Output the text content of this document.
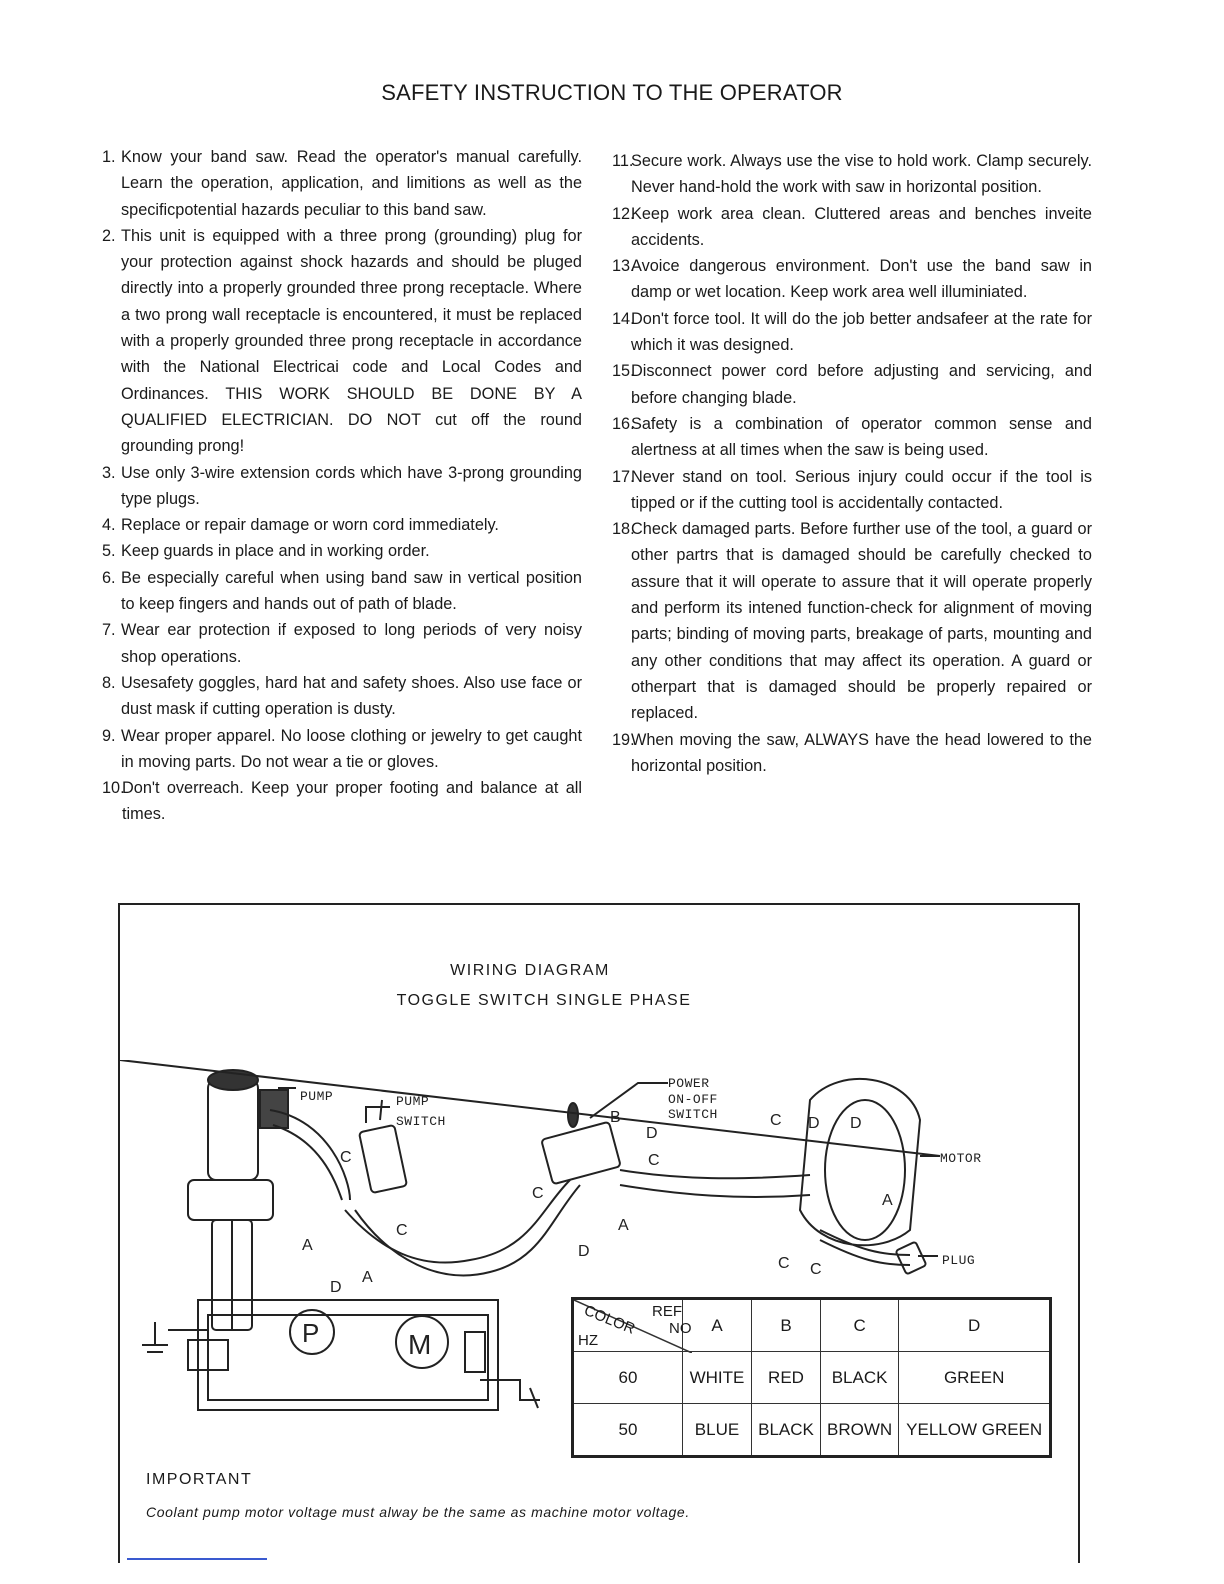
SAFETY INSTRUCTION TO THE OPERATOR
1. Know your band saw. Read the operator's manual carefully. Learn the operation, application, and limitions as well as the specificpotential hazards peculiar to this band saw.
2. This unit is equipped with a three prong (grounding) plug for your protection against shock hazards and should be pluged directly into a properly grounded three prong receptacle. Where a two prong wall receptacle is encountered, it must be replaced with a properly grounded three prong receptacle in accordance with the National Electricai code and Local Codes and Ordinances. THIS WORK SHOULD BE DONE BY A QUALIFIED ELECTRICIAN. DO NOT cut off the round grounding prong!
3. Use only 3-wire extension cords which have 3-prong grounding type plugs.
4. Replace or repair damage or worn cord immediately.
5. Keep guards in place and in working order.
6. Be especially careful when using band saw in vertical position to keep fingers and hands out of path of blade.
7. Wear ear protection if exposed to long periods of very noisy shop operations.
8. Usesafety goggles, hard hat and safety shoes. Also use face or dust mask if cutting operation is dusty.
9. Wear proper apparel. No loose clothing or jewelry to get caught in moving parts. Do not wear a tie or gloves.
10.
Don't overreach. Keep your proper footing and balance at all times.
11.
Secure work. Always use the vise to hold work. Clamp securely. Never hand-hold the work with saw in horizontal position.
12.
Keep work area clean. Cluttered areas and benches inveite accidents.
13.
Avoice dangerous environment. Don't use the band saw in damp or wet location. Keep work area well illuminiated.
14.
Don't force tool. It will do the job better andsafeer at the rate for which it was designed.
15.
Disconnect power cord before adjusting and servicing, and before changing blade.
16.
Safety is a combination of operator common sense and alertness at all times when the saw is being used.
17.
Never stand on tool. Serious injury could occur if the tool is tipped or if the cutting tool is accidentally contacted.
18.
Check damaged parts. Before further use of the tool, a guard or other partrs that is damaged should be carefully checked to assure that it will operate to assure that it will operate properly and perform its intened function-check for alignment of moving parts; binding of moving parts, breakage of parts, mounting and any other conditions that may affect its operation. A guard or otherpart that is damaged should be properly repaired or replaced.
19.
When moving the saw, ALWAYS have the head lowered to the horizontal position.
WIRING DIAGRAM
TOGGLE SWITCH SINGLE PHASE
PUMP	PUMP
SWITCH
POWER
ON-OFF
SWITCH
MOTOR
PLUG
C
A
C
D
A
B
D
C
C
D
A
C D D
A
C C
P	M
COLOR REF
NO
HZ	A	B	C	D
60	WHITE	RED	BLACK	GREEN
50	BLUE	BLACK	BROWN	YELLOW GREEN
IMPORTANT
Coolant pump motor voltage must alway be the same as machine motor voltage.
